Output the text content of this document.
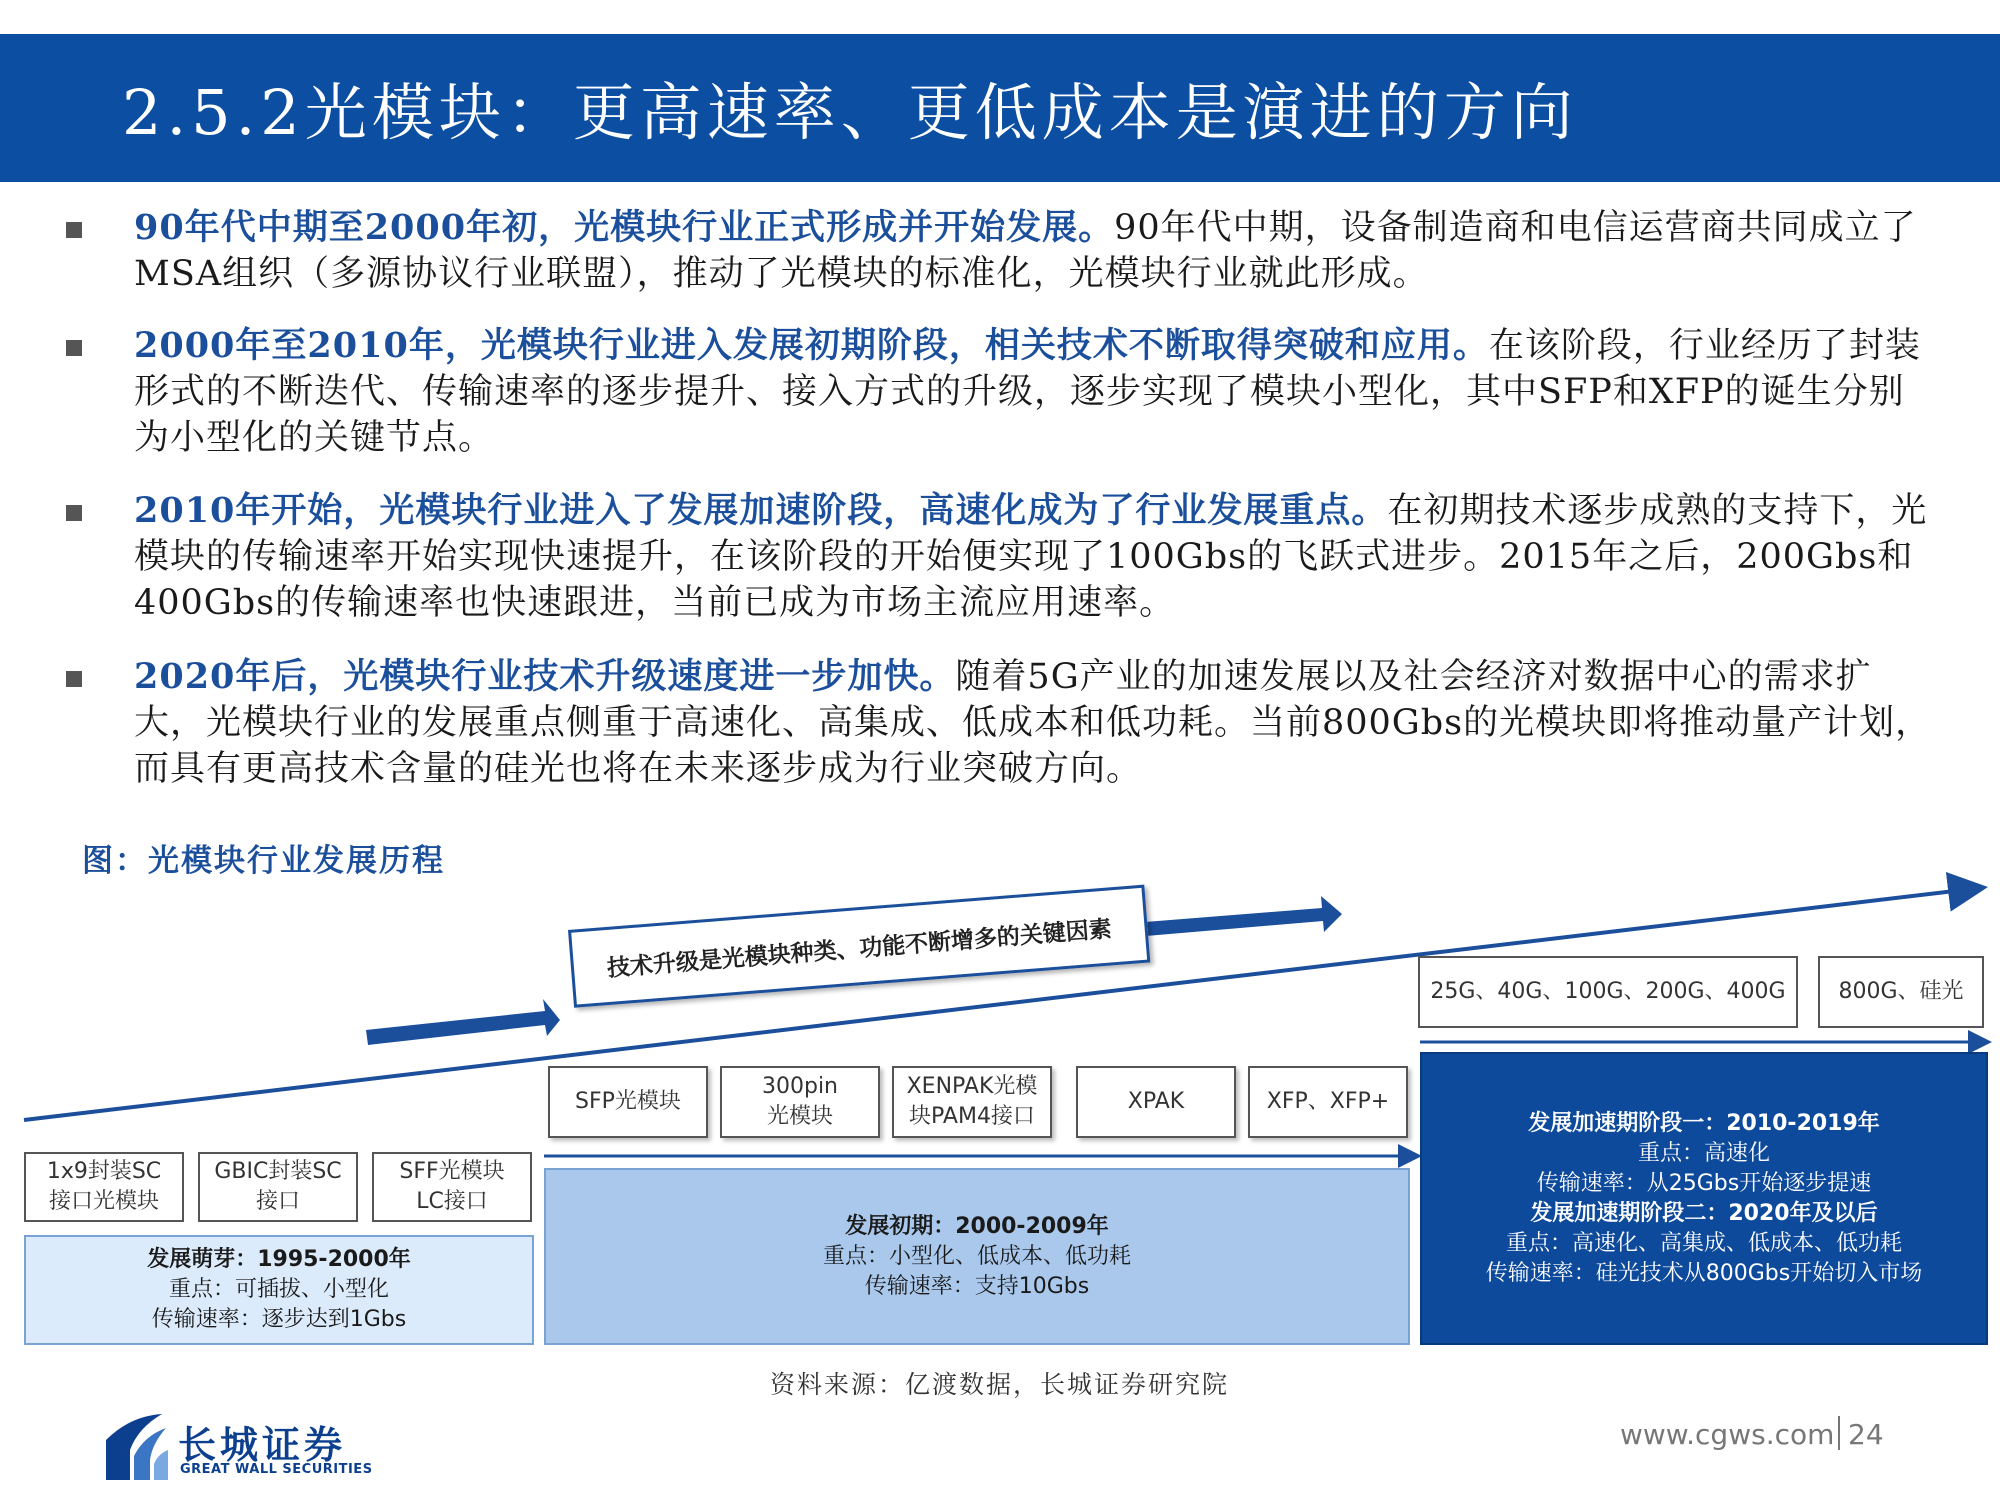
2.5.2光模块：更高速率、更低成本是演进的方向
90年代中期至2000年初，光模块行业正式形成并开始发展。90年代中期，设备制造商和电信运营商共同成立了MSA组织（多源协议行业联盟），推动了光模块的标准化，光模块行业就此形成。
2000年至2010年，光模块行业进入发展初期阶段，相关技术不断取得突破和应用。在该阶段，行业经历了封装形式的不断迭代、传输速率的逐步提升、接入方式的升级，逐步实现了模块小型化，其中SFP和XFP的诞生分别为小型化的关键节点。
2010年开始，光模块行业进入了发展加速阶段，高速化成为了行业发展重点。在初期技术逐步成熟的支持下，光模块的传输速率开始实现快速提升，在该阶段的开始便实现了100Gbs的飞跃式进步。2015年之后，200Gbs和400Gbs的传输速率也快速跟进，当前已成为市场主流应用速率。
2020年后，光模块行业技术升级速度进一步加快。随着5G产业的加速发展以及社会经济对数据中心的需求扩大，光模块行业的发展重点侧重于高速化、高集成、低成本和低功耗。当前800Gbs的光模块即将推动量产计划，而具有更高技术含量的硅光也将在未来逐步成为行业突破方向。
图：光模块行业发展历程
技术升级是光模块种类、功能不断增多的关键因素
1x9封装SC
接口光模块
GBIC封装SC
接口
SFF光模块
LC接口
SFP光模块
300pin
光模块
XENPAK光模
块PAM4接口
XPAK	XFP、XFP+
25G、40G、100G、200G、400G	800G、硅光
发展萌芽：1995-2000年
重点：可插拔、小型化
传输速率：逐步达到1Gbs
发展初期：2000-2009年
重点：小型化、低成本、低功耗
传输速率：支持10Gbs
发展加速期阶段一：2010-2019年
重点：高速化
传输速率：从25Gbs开始逐步提速
发展加速期阶段二：2020年及以后
重点：高速化、高集成、低成本、低功耗
传输速率：硅光技术从800Gbs开始切入市场
资料来源：亿渡数据，长城证券研究院
长城证券
GREAT WALL SECURITIES
www.cgws.com 24
